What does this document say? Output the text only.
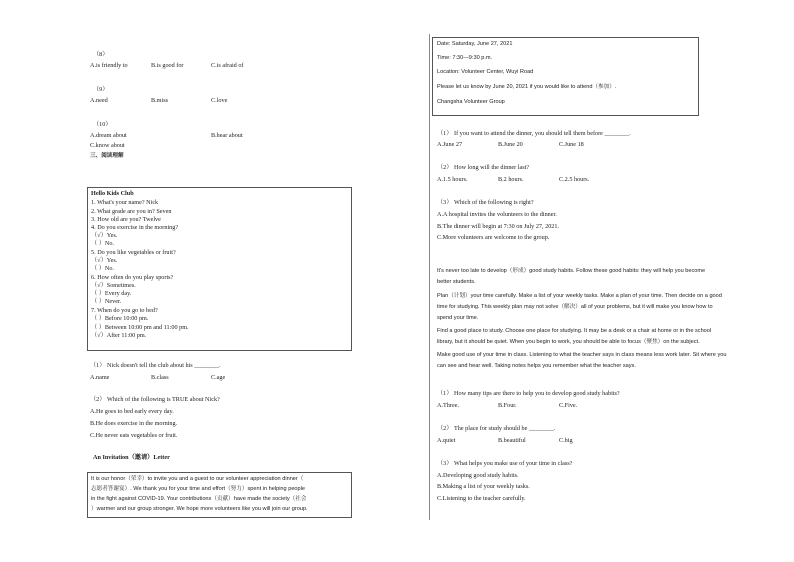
（8）
A.is friendly to	B.is good for	C.is afraid of
（9）
A.need	B.miss	C.love
（10）
A.dream about	B.hear about
C.know about
三、阅读理解
Hello Kids Club
1. What's your name? Nick
2. What grade are you in? Seven
3. How old are you? Twelve
4. Do you exercise in the morning?
（√）Yes.
（ ）No.
5. Do you like vegetables or fruit?
（√）Yes.
（ ）No.
6. How often do you play sports?
（√）Sometimes.
（ ）Every day.
（ ）Never.
7. When do you go to bed?
（ ）Before 10:00 pm.
（ ）Between 10:00 pm and 11:00 pm.
（√）After 11:00 pm.
（1） Nick doesn't tell the club about his ________.
A.name	B.class	C.age
（2） Which of the following is TRUE about Nick?
A.He goes to bed early every day.
B.He does exercise in the morning.
C.He never eats vegetables or fruit.
An Invitation（邀请）Letter
It is our honor（荣幸）to invite you and a guest to our volunteer appreciation dinner（
志愿者答谢宴）. We thank you for your time and effort（努力）spent in helping people
in the fight against COVID-19. Your contributions（贡献）have made the society（社会
）warmer and our group stronger. We hope more volunteers like you will join our group.
Date: Saturday, June 27, 2021
Time: 7:30—9:30 p.m.
Location: Volunteer Center, Wuyi Road
Please let us know by June 20, 2021 if you would like to attend（参加）.
Changsha Volunteer Group
（1） If you want to attend the dinner, you should tell them before ________.
A.June 27	B.June 20	C.June 18
（2） How long will the dinner last?
A.1.5 hours.	B.2 hours.	C.2.5 hours.
（3） Which of the following is right?
A.A hospital invites the volunteers to the dinner.
B.The dinner will begin at 7:30 on July 27, 2021.
C.More volunteers are welcome to the group.
It's never too late to develop（形成）good study habits. Follow these good habits: they will help you become
better students.
Plan（计划）your time carefully. Make a list of your weekly tasks. Make a plan of your time. Then decide on a good
time for studying. This weekly plan may not solve（解决）all of your problems, but it will make you know how to
spend your time.
Find a good place to study. Choose one place for studying. It may be a desk or a chair at home or in the school
library, but it should be quiet. When you begin to work, you should be able to focus（聚焦）on the subject.
Make good use of your time in class. Listening to what the teacher says in class means less work later. Sit where you
can see and hear well. Taking notes helps you remember what the teacher says.
（1） How many tips are there to help you to develop good study habits?
A.Three.	B.Four.	C.Five.
（2） The place for study should be ________.
A.quiet	B.beautiful	C.big
（3） What helps you make use of your time in class?
A.Developing good study habits.
B.Making a list of your weekly tasks.
C.Listening to the teacher carefully.
